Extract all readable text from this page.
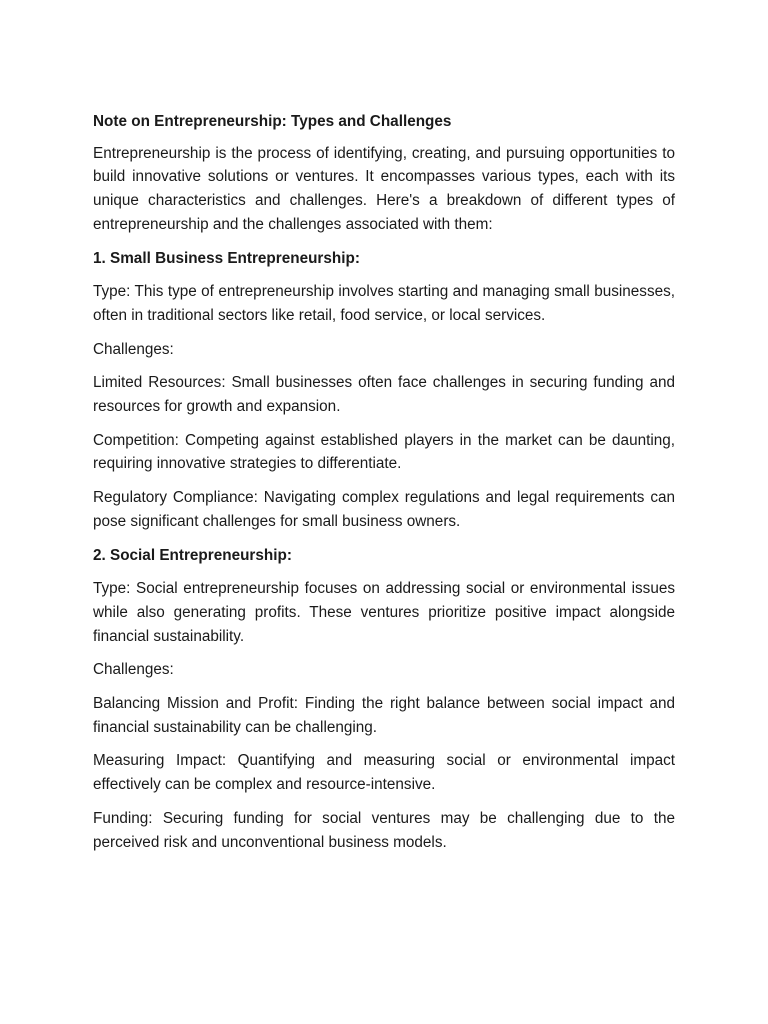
Note on Entrepreneurship: Types and Challenges

Entrepreneurship is the process of identifying, creating, and pursuing opportunities to build innovative solutions or ventures. It encompasses various types, each with its unique characteristics and challenges. Here's a breakdown of different types of entrepreneurship and the challenges associated with them:

1. Small Business Entrepreneurship:

Type: This type of entrepreneurship involves starting and managing small businesses, often in traditional sectors like retail, food service, or local services.

Challenges:

Limited Resources: Small businesses often face challenges in securing funding and resources for growth and expansion.

Competition: Competing against established players in the market can be daunting, requiring innovative strategies to differentiate.

Regulatory Compliance: Navigating complex regulations and legal requirements can pose significant challenges for small business owners.

2. Social Entrepreneurship:

Type: Social entrepreneurship focuses on addressing social or environmental issues while also generating profits. These ventures prioritize positive impact alongside financial sustainability.

Challenges:

Balancing Mission and Profit: Finding the right balance between social impact and financial sustainability can be challenging.

Measuring Impact: Quantifying and measuring social or environmental impact effectively can be complex and resource-intensive.

Funding: Securing funding for social ventures may be challenging due to the perceived risk and unconventional business models.
